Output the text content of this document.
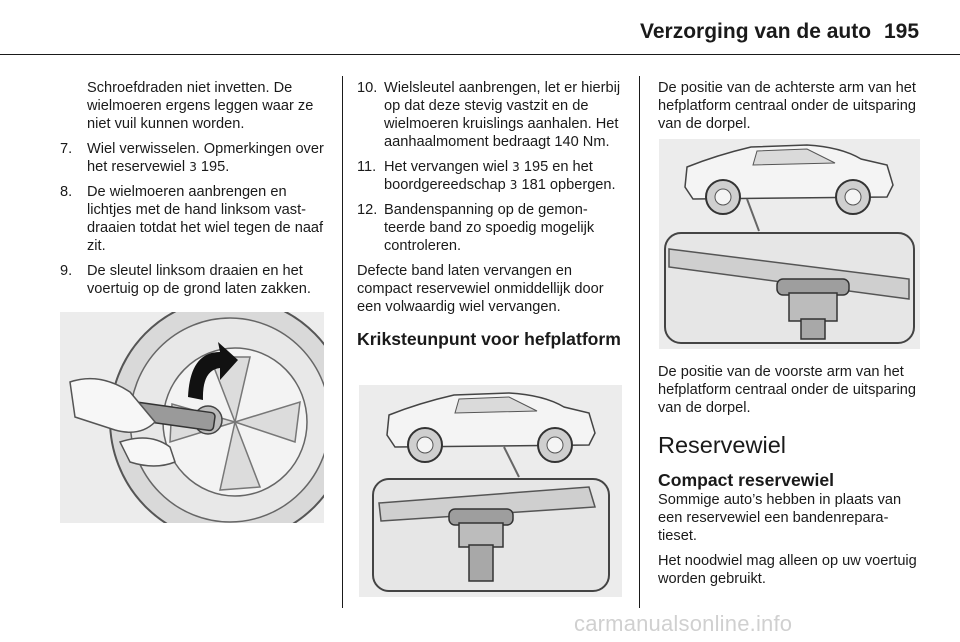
Verzorging van de auto 195

Schroefdraden niet invetten. De wielmoeren ergens leggen waar ze niet vuil kunnen worden.

7. Wiel verwisselen. Opmerkingen over het reservewiel 3 195.
8. De wielmoeren aanbrengen en lichtjes met de hand linksom vastdraaien totdat het wiel tegen de naaf zit.
9. De sleutel linksom draaien en het voertuig op de grond laten zakken.
10. Wielsleutel aanbrengen, let er hierbij op dat deze stevig vastzit en de wielmoeren kruislings aanhalen. Het aanhaalmoment bedraagt 140 Nm.
11. Het vervangen wiel 3 195 en het boordgereedschap 3 181 opbergen.
12. Bandenspanning op de gemonteerde band zo spoedig mogelijk controleren.

Defecte band laten vervangen en compact reservewiel onmiddellijk door een volwaardig wiel vervangen.

Kriksteunpunt voor hefplatform

De positie van de achterste arm van het hefplatform centraal onder de uitsparing van de dorpel.

De positie van de voorste arm van het hefplatform centraal onder de uitsparing van de dorpel.

Reservewiel
Compact reservewiel

Sommige auto’s hebben in plaats van een reservewiel een bandenreparatieset.

Het noodwiel mag alleen op uw voertuig worden gebruikt.

carmanualsonline.info
